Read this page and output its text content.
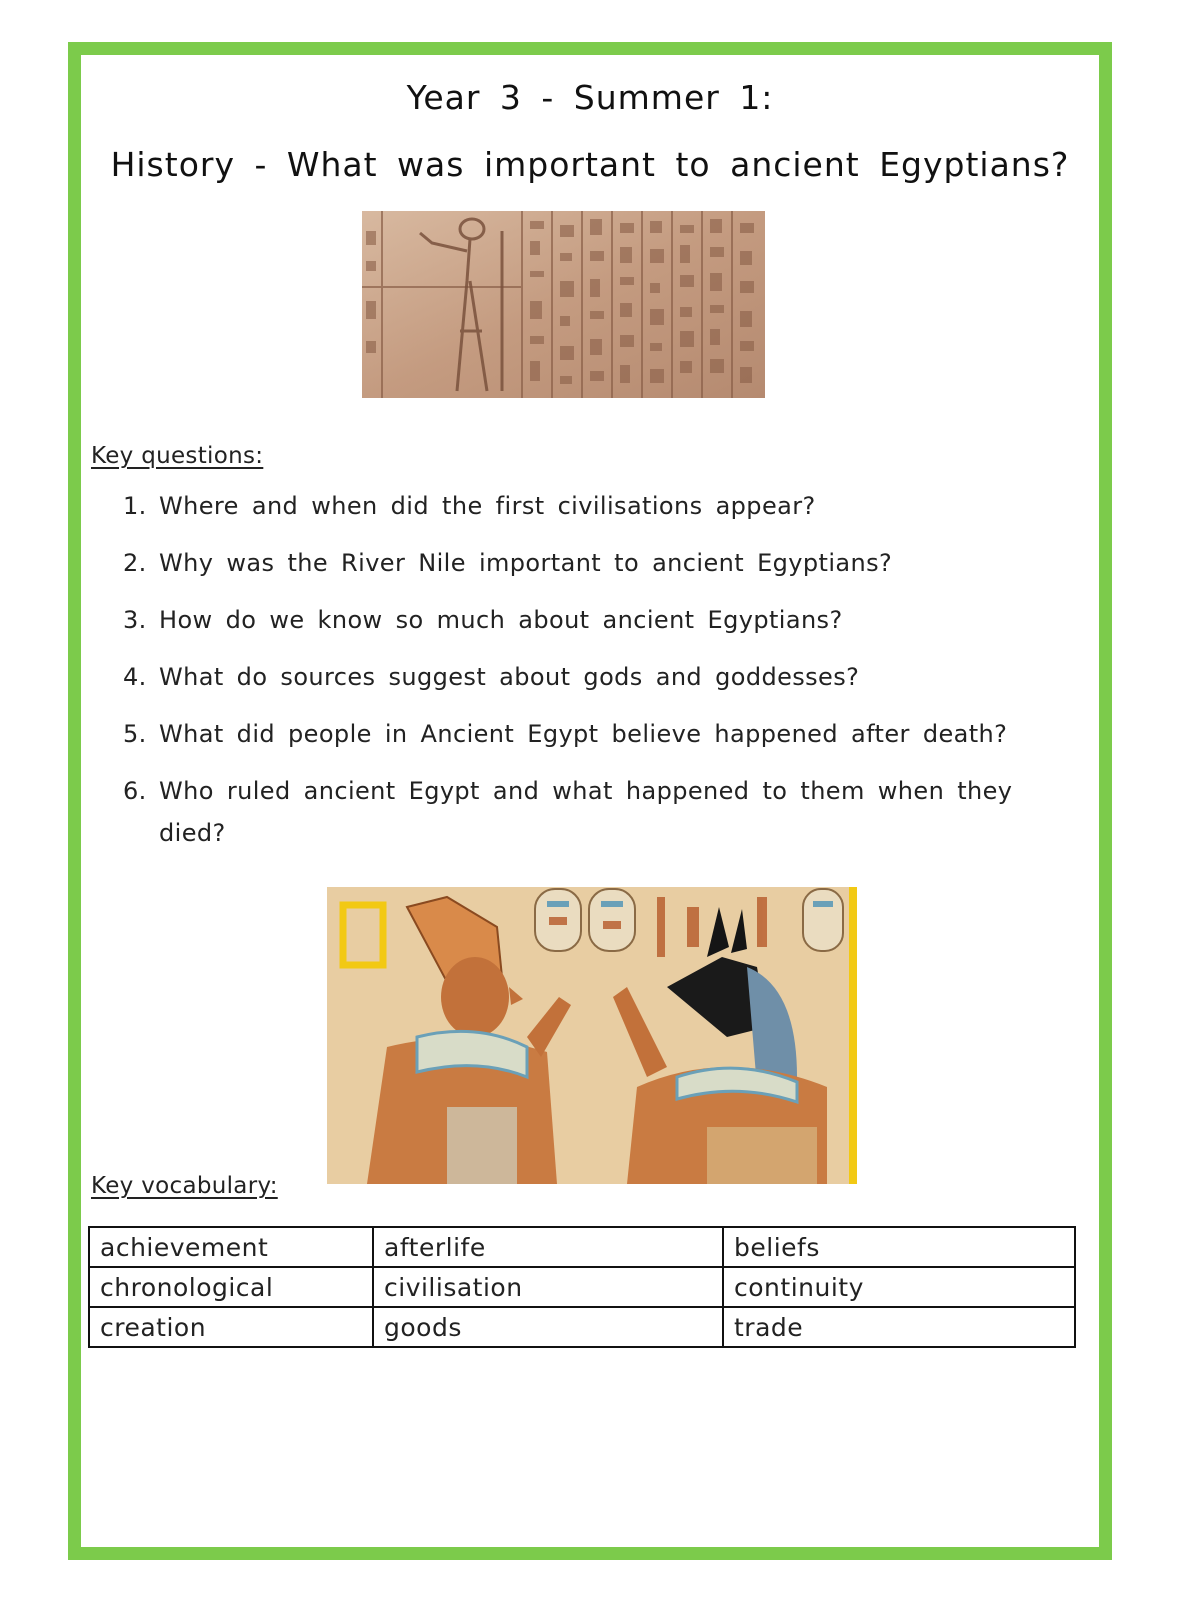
Year 3 - Summer 1:
History - What was important to ancient Egyptians?
Key questions:
1. Where and when did the first civilisations appear?
2. Why was the River Nile important to ancient Egyptians?
3. How do we know so much about ancient Egyptians?
4. What do sources suggest about gods and goddesses?
5. What did people in Ancient Egypt believe happened after death?
6. Who ruled ancient Egypt and what happened to them when they died?
Key vocabulary:
achievement	afterlife	beliefs
chronological	civilisation	continuity
creation	goods	trade
